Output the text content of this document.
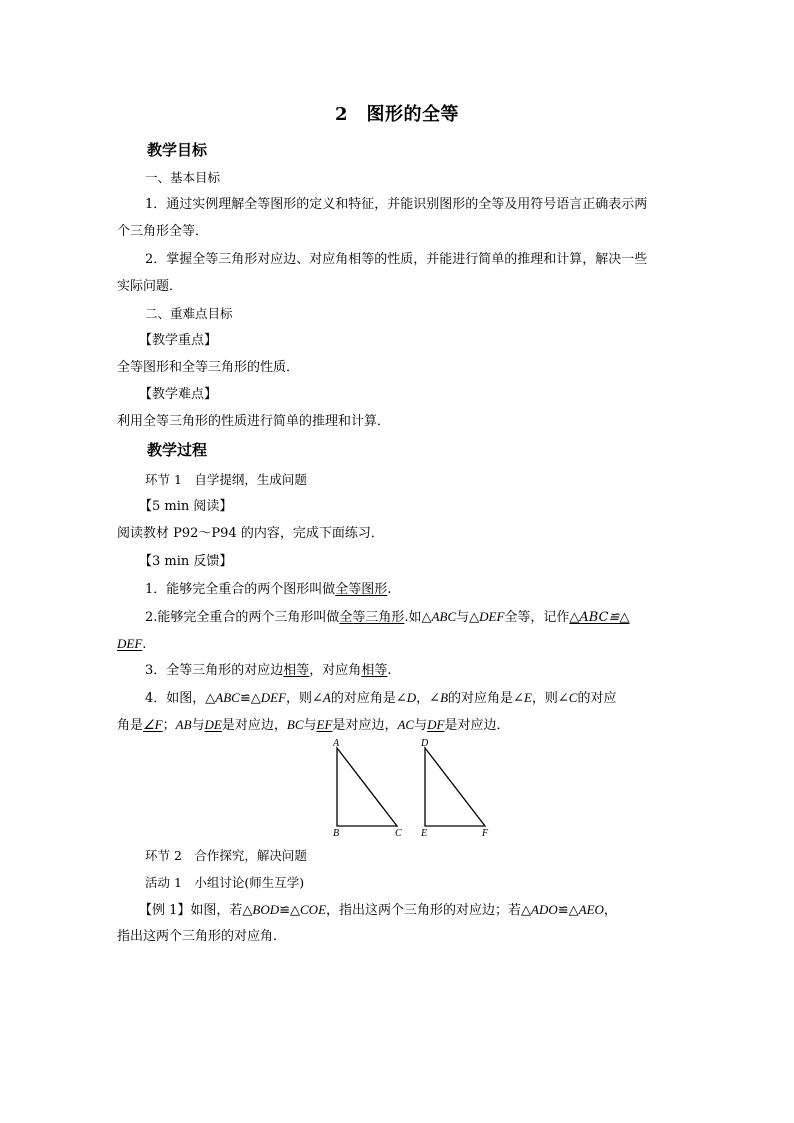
2　图形的全等
教学目标
一、基本目标
1．通过实例理解全等图形的定义和特征，并能识别图形的全等及用符号语言正确表示两
个三角形全等．
2．掌握全等三角形对应边、对应角相等的性质，并能进行简单的推理和计算，解决一些
实际问题．
二、重难点目标
【教学重点】
全等图形和全等三角形的性质．
【教学难点】
利用全等三角形的性质进行简单的推理和计算．
教学过程
环节 1　自学提纲，生成问题
【5 min 阅读】
阅读教材 P92～P94 的内容，完成下面练习．
【3 min 反馈】
1．能够完全重合的两个图形叫做全等图形.
2.能够完全重合的两个三角形叫做全等三角形.如△ABC与△DEF全等，记作△ABC≌△
DEF.
3．全等三角形的对应边相等，对应角相等.
4．如图，△ABC≌△DEF，则∠A的对应角是∠D，∠B的对应角是∠E，则∠C的对应
角是∠F；AB与DE是对应边，BC与EF是对应边，AC与DF是对应边．
A
B	C
D
E	F
环节 2　合作探究，解决问题
活动 1　小组讨论(师生互学)
【例 1】如图，若△BOD≌△COE，指出这两个三角形的对应边；若△ADO≌△AEO，
指出这两个三角形的对应角．
